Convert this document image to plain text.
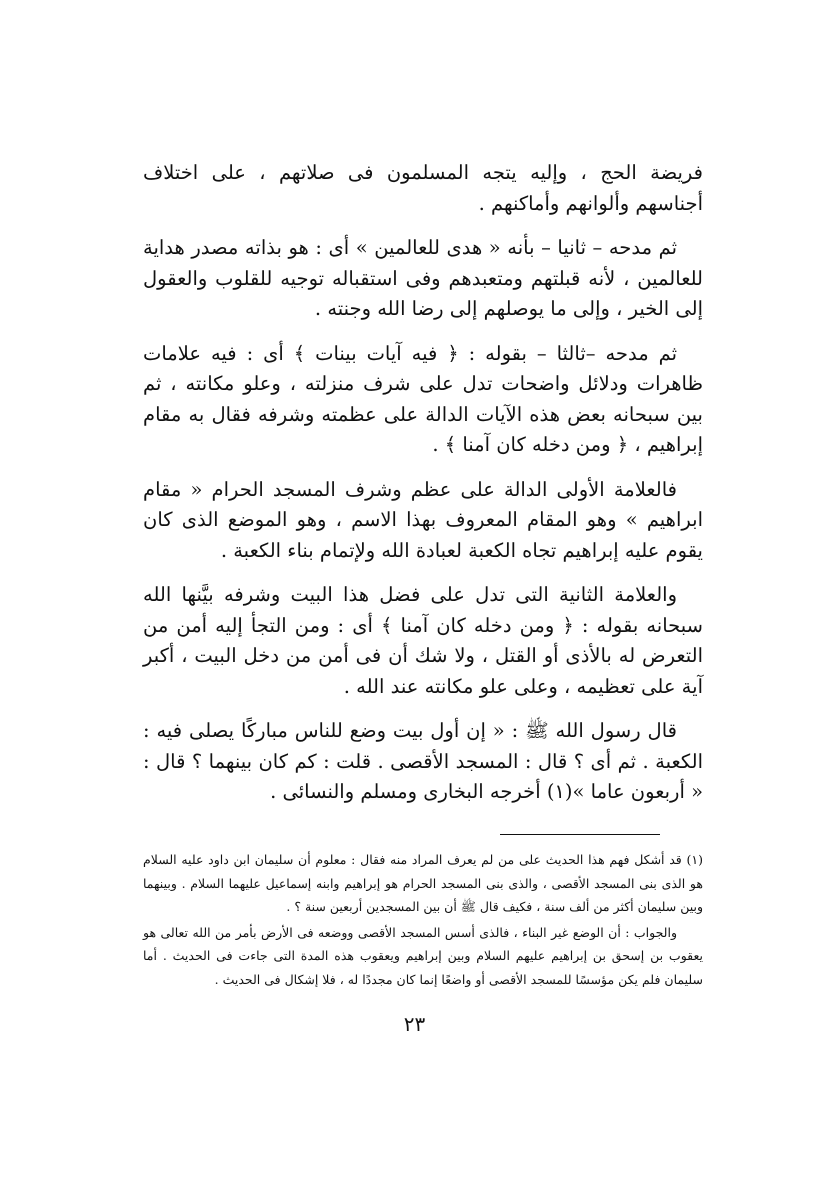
فريضة الحج ، وإليه يتجه المسلمون فى صلاتهم ، على اختلاف أجناسهم وألوانهم وأماكنهم .

ثم مدحه – ثانيا – بأنه « هدى للعالمين » أى : هو بذاته مصدر هداية للعالمين ، لأنه قبلتهم ومتعبدهم وفى استقباله توجيه للقلوب والعقول إلى الخير ، وإلى ما يوصلهم إلى رضا الله وجنته .

ثم مدحه –ثالثا – بقوله : ﴿ فيه آيات بينات ﴾ أى : فيه علامات ظاهرات ودلائل واضحات تدل على شرف منزلته ، وعلو مكانته ، ثم بين سبحانه بعض هذه الآيات الدالة على عظمته وشرفه فقال به مقام إبراهيم ، ﴿ ومن دخله كان آمنا ﴾ .

فالعلامة الأولى الدالة على عظم وشرف المسجد الحرام « مقام ابراهيم » وهو المقام المعروف بهذا الاسم ، وهو الموضع الذى كان يقوم عليه إبراهيم تجاه الكعبة لعبادة الله ولإتمام بناء الكعبة .

والعلامة الثانية التى تدل على فضل هذا البيت وشرفه بيَّنها الله سبحانه بقوله : ﴿ ومن دخله كان آمنا ﴾ أى : ومن التجأ إليه أمن من التعرض له بالأذى أو القتل ، ولا شك أن فى أمن من دخل البيت ، أكبر آية على تعظيمه ، وعلى علو مكانته عند الله .

قال رسول الله ﷺ : « إن أول بيت وضع للناس مباركًا يصلى فيه : الكعبة . ثم أى ؟ قال : المسجد الأقصى . قلت : كم كان بينهما ؟ قال : « أربعون عاما »(١) أخرجه البخارى ومسلم والنسائى .

(١) قد أشكل فهم هذا الحديث على من لم يعرف المراد منه فقال : معلوم أن سليمان ابن داود عليه السلام هو الذى بنى المسجد الأقصى ، والذى بنى المسجد الحرام هو إبراهيم وابنه إسماعيل عليهما السلام . وبينهما وبين سليمان أكثر من ألف سنة ، فكيف قال ﷺ أن بين المسجدين أربعين سنة ؟ .

والجواب : أن الوضع غير البناء ، فالذى أسس المسجد الأقصى ووضعه فى الأرض بأمر من الله تعالى هو يعقوب بن إسحق بن إبراهيم عليهم السلام وبين إبراهيم ويعقوب هذه المدة التى جاءت فى الحديث . أما سليمان فلم يكن مؤسسًا للمسجد الأقصى أو واضعًا إنما كان مجددًا له ، فلا إشكال فى الحديث .

٢٣
